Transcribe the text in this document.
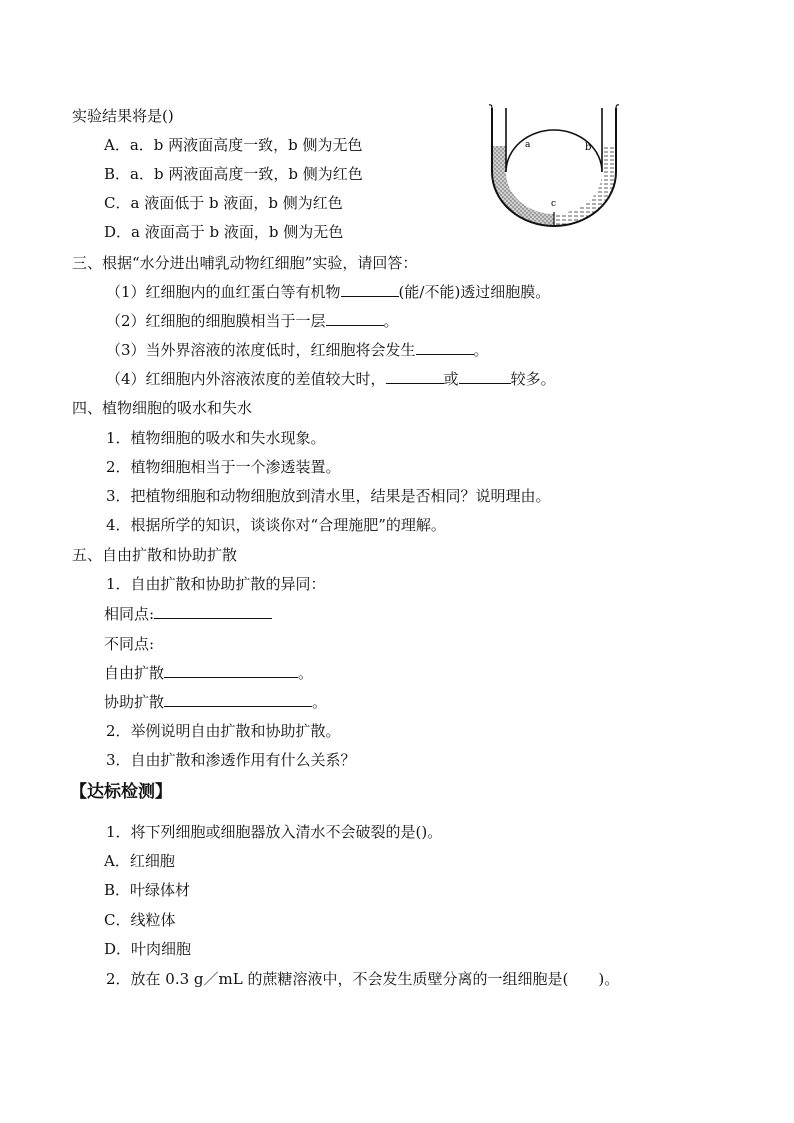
实验结果将是()
A．a．b 两液面高度一致，b 侧为无色
B．a．b 两液面高度一致，b 侧为红色
C．a 液面低于 b 液面，b 侧为红色
D．a 液面高于 b 液面，b 侧为无色
a	b
c
三、根据“水分进出哺乳动物红细胞”实验，请回答：
（1）红细胞内的血红蛋白等有机物	(能/不能)透过细胞膜。
（2）红细胞的细胞膜相当于一层	。
（3）当外界溶液的浓度低时，红细胞将会发生	。
（4）红细胞内外溶液浓度的差值较大时，	或	较多。
四、植物细胞的吸水和失水
1．植物细胞的吸水和失水现象。
2．植物细胞相当于一个渗透装置。
3．把植物细胞和动物细胞放到清水里，结果是否相同？说明理由。
4．根据所学的知识，谈谈你对“合理施肥”的理解。
五、自由扩散和协助扩散
1．自由扩散和协助扩散的异同：
相同点:
不同点:
自由扩散	。
协助扩散	。
2．举例说明自由扩散和协助扩散。
3．自由扩散和渗透作用有什么关系？
【达标检测】
1．将下列细胞或细胞器放入清水不会破裂的是()。
A．红细胞
B．叶绿体材
C．线粒体
D．叶肉细胞
2．放在 0.3 g／mL 的蔗糖溶液中，不会发生质壁分离的一组细胞是(　　)。
